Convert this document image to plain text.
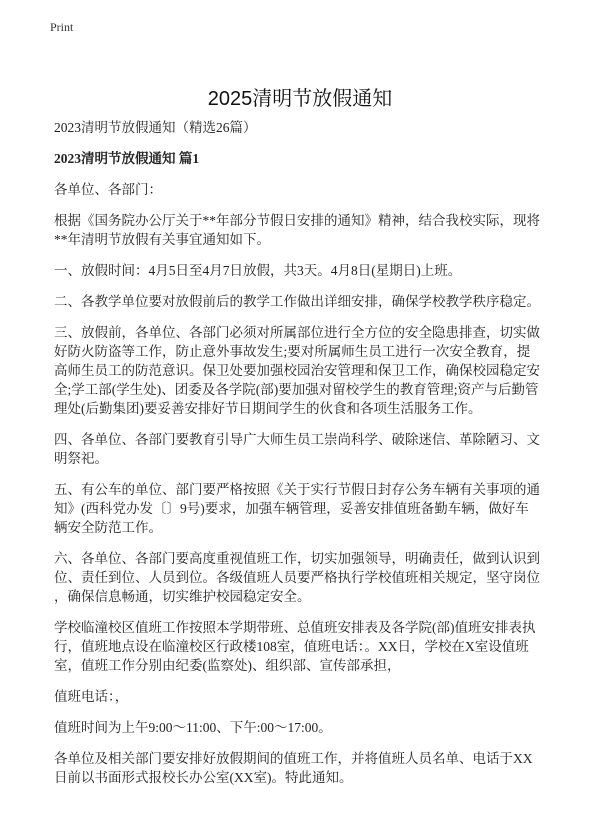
Print
2025清明节放假通知
2023清明节放假通知（精选26篇）
2023清明节放假通知 篇1
各单位、各部门：
根据《国务院办公厅关于**年部分节假日安排的通知》精神，结合我校实际，现将
**年清明节放假有关事宜通知如下。
一、放假时间：4月5日至4月7日放假，共3天。4月8日(星期日)上班。
二、各教学单位要对放假前后的教学工作做出详细安排，确保学校教学秩序稳定。
三、放假前，各单位、各部门必须对所属部位进行全方位的安全隐患排查，切实做
好防火防盗等工作，防止意外事故发生;要对所属师生员工进行一次安全教育，提
高师生员工的防范意识。保卫处要加强校园治安管理和保卫工作，确保校园稳定安
全;学工部(学生处)、团委及各学院(部)要加强对留校学生的教育管理;资产与后勤管
理处(后勤集团)要妥善安排好节日期间学生的伙食和各项生活服务工作。
四、各单位、各部门要教育引导广大师生员工崇尚科学、破除迷信、革除陋习、文
明祭祀。
五、有公车的单位、部门要严格按照《关于实行节假日封存公务车辆有关事项的通
知》(西科党办发〔〕9号)要求，加强车辆管理，妥善安排值班备勤车辆，做好车
辆安全防范工作。
六、各单位、各部门要高度重视值班工作，切实加强领导，明确责任，做到认识到
位、责任到位、人员到位。各级值班人员要严格执行学校值班相关规定，坚守岗位
，确保信息畅通，切实维护校园稳定安全。
学校临潼校区值班工作按照本学期带班、总值班安排表及各学院(部)值班安排表执
行，值班地点设在临潼校区行政楼108室，值班电话：。XX日，学校在X室设值班
室，值班工作分别由纪委(监察处)、组织部、宣传部承担，
值班电话：，
值班时间为上午9:00～11:00、下午:00～17:00。
各单位及相关部门要安排好放假期间的值班工作，并将值班人员名单、电话于XX
日前以书面形式报校长办公室(XX室)。特此通知。
